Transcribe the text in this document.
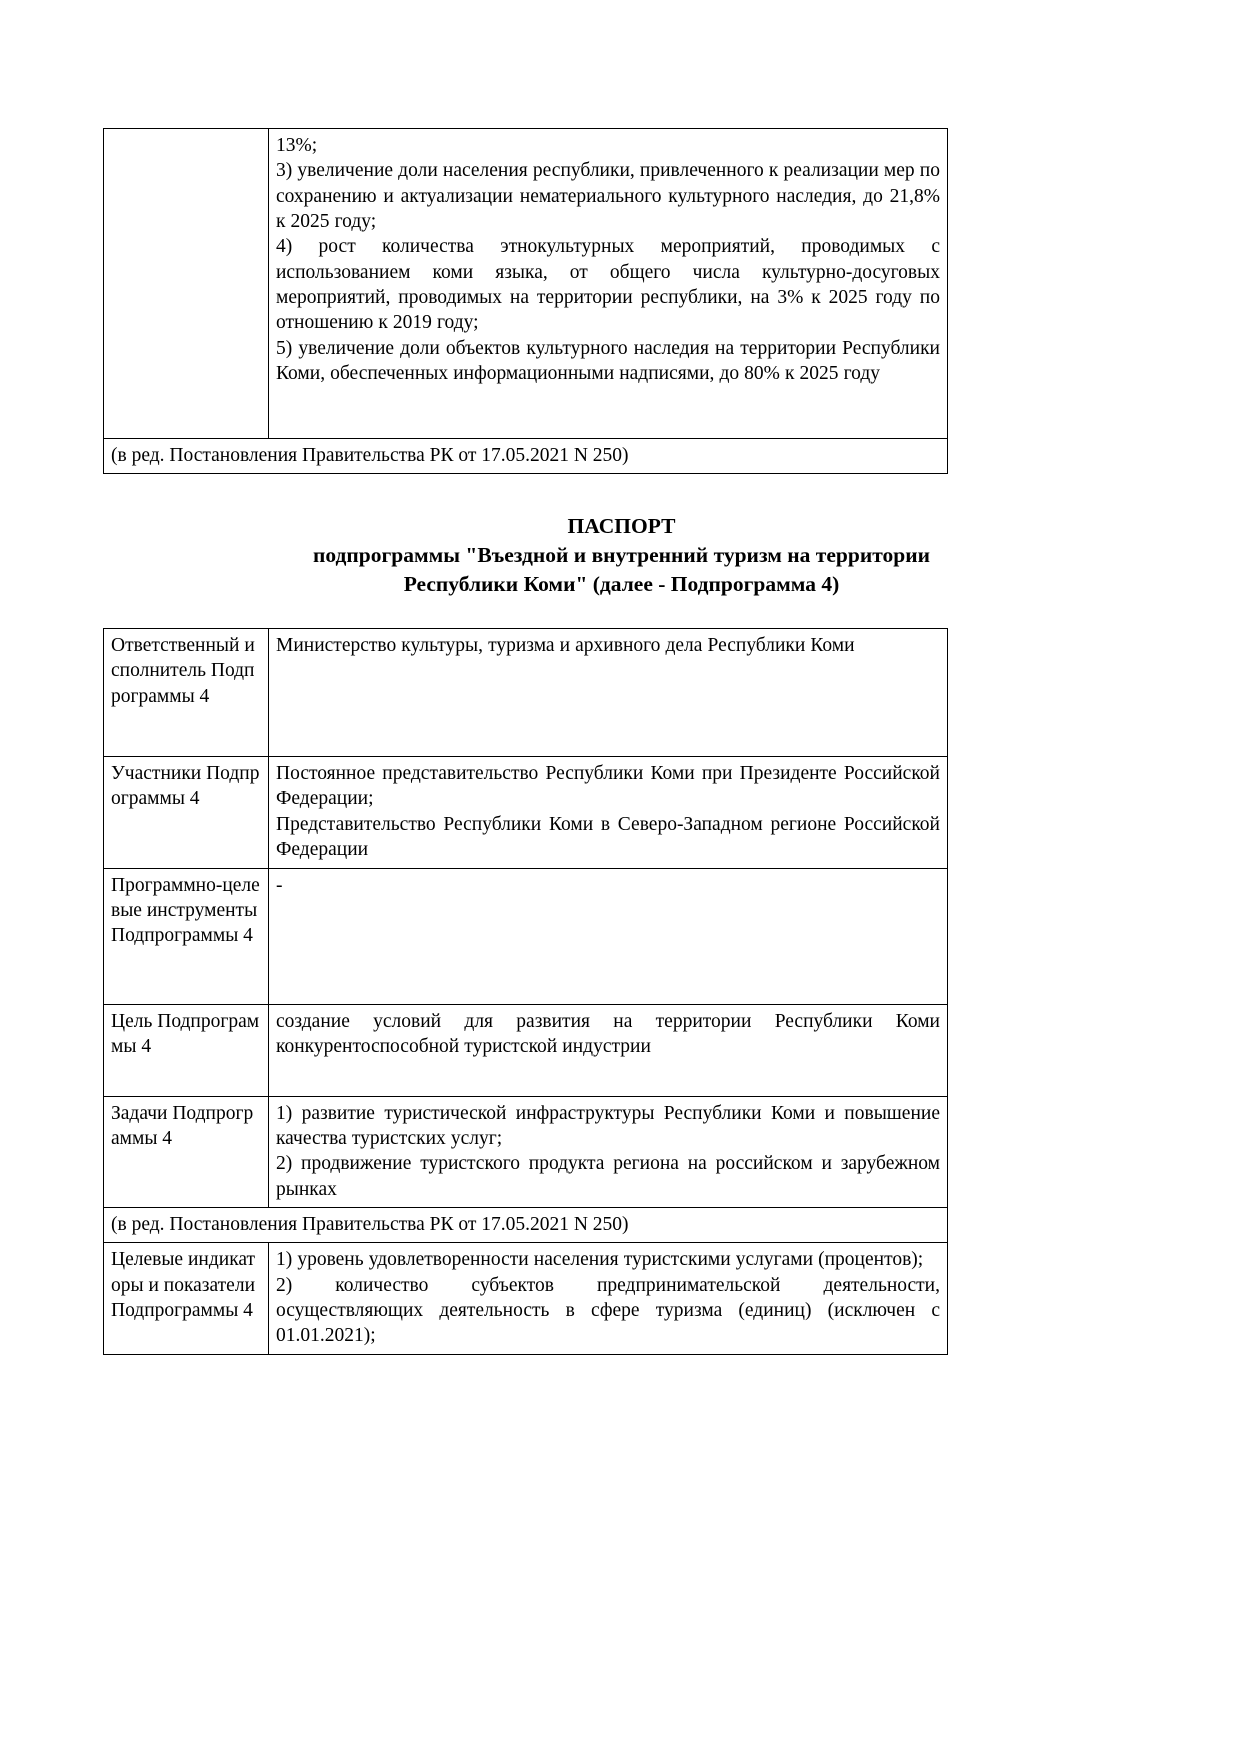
13%;

3) увеличение доли населения республики, привлеченного к реализации мер по сохранению и актуализации нематериального культурного наследия, до 21,8% к 2025 году;

4) рост количества этнокультурных мероприятий, проводимых с использованием коми языка, от общего числа культурно-досуговых мероприятий, проводимых на территории республики, на 3% к 2025 году по отношению к 2019 году;

5) увеличение доли объектов культурного наследия на территории Республики Коми, обеспеченных информационными надписями, до 80% к 2025 году

(в ред. Постановления Правительства РК от 17.05.2021 N 250)
ПАСПОРТ
подпрограммы "Въездной и внутренний туризм на территории
Республики Коми" (далее - Подпрограмма 4)
Ответственный исполнитель Подпрограммы 4	Министерство культуры, туризма и архивного дела Республики Коми

Участники Подпрограммы 4	Постоянное представительство Республики Коми при Президенте Российской Федерации;

Представительство Республики Коми в Северо-Западном регионе Российской Федерации

Программно-целевые инструменты Подпрограммы 4	-

Цель Подпрограммы 4	создание условий для развития на территории Республики Коми конкурентоспособной туристской индустрии

Задачи Подпрограммы 4	1) развитие туристической инфраструктуры Республики Коми и повышение качества туристских услуг;

2) продвижение туристского продукта региона на российском и зарубежном рынках

(в ред. Постановления Правительства РК от 17.05.2021 N 250)	
Целевые индикаторы и показатели Подпрограммы 4	1) уровень удовлетворенности населения туристскими услугами (процентов);

2) количество субъектов предпринимательской деятельности, осуществляющих деятельность в сфере туризма (единиц) (исключен с 01.01.2021);
